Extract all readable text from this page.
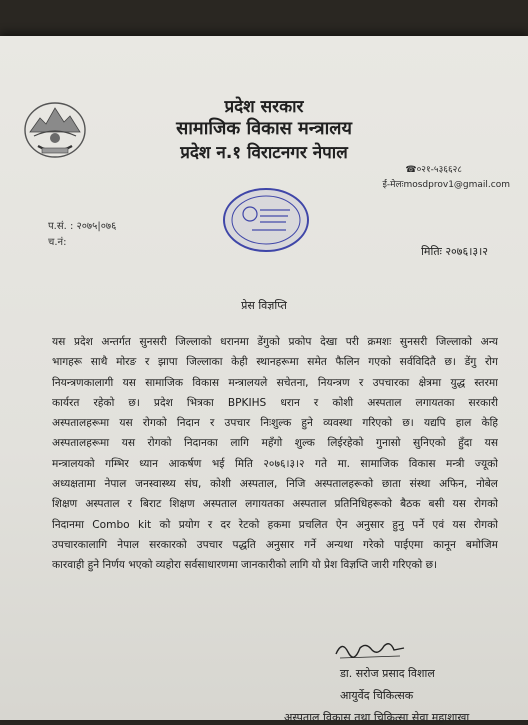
प्रदेश सरकार
सामाजिक विकास मन्त्रालय
प्रदेश न.१ विराटनगर नेपाल
☎०२१-५३६६२८
ई-मेलःmosdprov1@gmail.com
प.सं. : २०७५|०७६
च.नं:
मितिः २०७६।३।२
प्रेस विज्ञप्ति
यस प्रदेश अन्तर्गत सुनसरी जिल्लाको धरानमा डेंगुको प्रकोप देखा परी क्रमशः सुनसरी जिल्लाको अन्य
भागहरू साथै मोरङ र झापा जिल्लाका केही स्थानहरूमा समेत फैलिन गएको सर्वविदितै छ। डेंगु रोग
नियन्त्रणकालागी यस सामाजिक विकास मन्त्रालयले सचेतना, नियन्त्रण र उपचारका क्षेत्रमा युद्ध स्तरमा
कार्यरत रहेको छ। प्रदेश भित्रका BPKIHS धरान र कोशी अस्पताल लगायतका सरकारी
अस्पतालहरूमा यस रोगको निदान र उपचार निःशुल्क हुने व्यवस्था गरिएको छ। यद्यपि हाल केहि
अस्पतालहरूमा यस रोगको निदानका लागि महँगो शुल्क लिईरहेको गुनासो सुनिएको हुँदा यस
मन्त्रालयको गम्भिर ध्यान आकर्षण भई मिति २०७६।३।२ गते मा. सामाजिक विकास मन्त्री ज्यूको
अध्यक्षतामा नेपाल जनस्वास्थ्य संघ, कोशी अस्पताल, निजि अस्पतालहरूको छाता संस्था अफिन, नोबेल
शिक्षण अस्पताल र बिराट शिक्षण अस्पताल लगायतका अस्पताल प्रतिनिधिहरूको बैठक बसी यस रोगको
निदानमा Combo kit को प्रयोग र दर रेटको हकमा प्रचलित ऐन अनुसार हुनु पर्ने एवं यस रोगको
उपचारकालागि नेपाल सरकारको उपचार पद्धति अनुसार गर्ने अन्यथा गरेको पाईएमा कानून बमोजिम
कारवाही हुने निर्णय भएको व्यहोरा सर्वसाधारणमा जानकारीको लागि यो प्रेश विज्ञप्ति जारी गरिएको छ।
डा. सरोज प्रसाद विशाल
आयुर्वेद चिकित्सक
अस्पताल विकास तथा चिकित्सा सेवा महाशाखा
